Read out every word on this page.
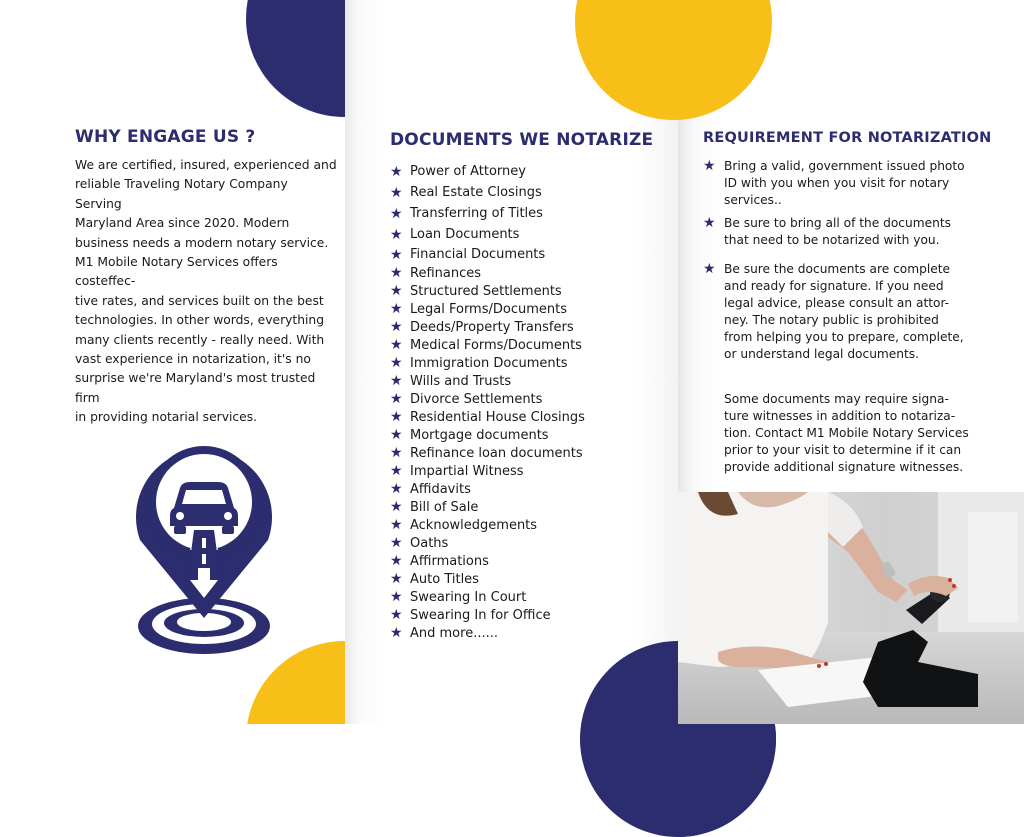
WHY ENGAGE US ?
We are certified, insured, experienced and
reliable Traveling Notary Company Serving
Maryland Area since 2020. Modern
business needs a modern notary service.
M1 Mobile Notary Services offers costeffec-
tive rates, and services built on the best
technologies. In other words, everything
many clients recently - really need. With
vast experience in notarization, it's no
surprise we're Maryland's most trusted firm
in providing notarial services.
DOCUMENTS WE NOTARIZE
★ Power of Attorney
★ Real Estate Closings
★ Transferring of Titles
★ Loan Documents
★ Financial Documents
★ Refinances
★ Structured Settlements
★ Legal Forms/Documents
★ Deeds/Property Transfers
★ Medical Forms/Documents
★ Immigration Documents
★ Wills and Trusts
★ Divorce Settlements
★ Residential House Closings
★ Mortgage documents
★ Refinance loan documents
★ Impartial Witness
★ Affidavits
★ Bill of Sale
★ Acknowledgements
★ Oaths
★ Affirmations
★ Auto Titles
★ Swearing In Court
★ Swearing In for Office
★ And more......
REQUIREMENT FOR NOTARIZATION
★ Bring a valid, government issued photo
ID with you when you visit for notary
services..
★ Be sure to bring all of the documents
that need to be notarized with you.
★ Be sure the documents are complete
and ready for signature. If you need
legal advice, please consult an attor-
ney. The notary public is prohibited
from helping you to prepare, complete,
or understand legal documents.
Some documents may require signa-
ture witnesses in addition to notariza-
tion. Contact M1 Mobile Notary Services
prior to your visit to determine if it can
provide additional signature witnesses.
